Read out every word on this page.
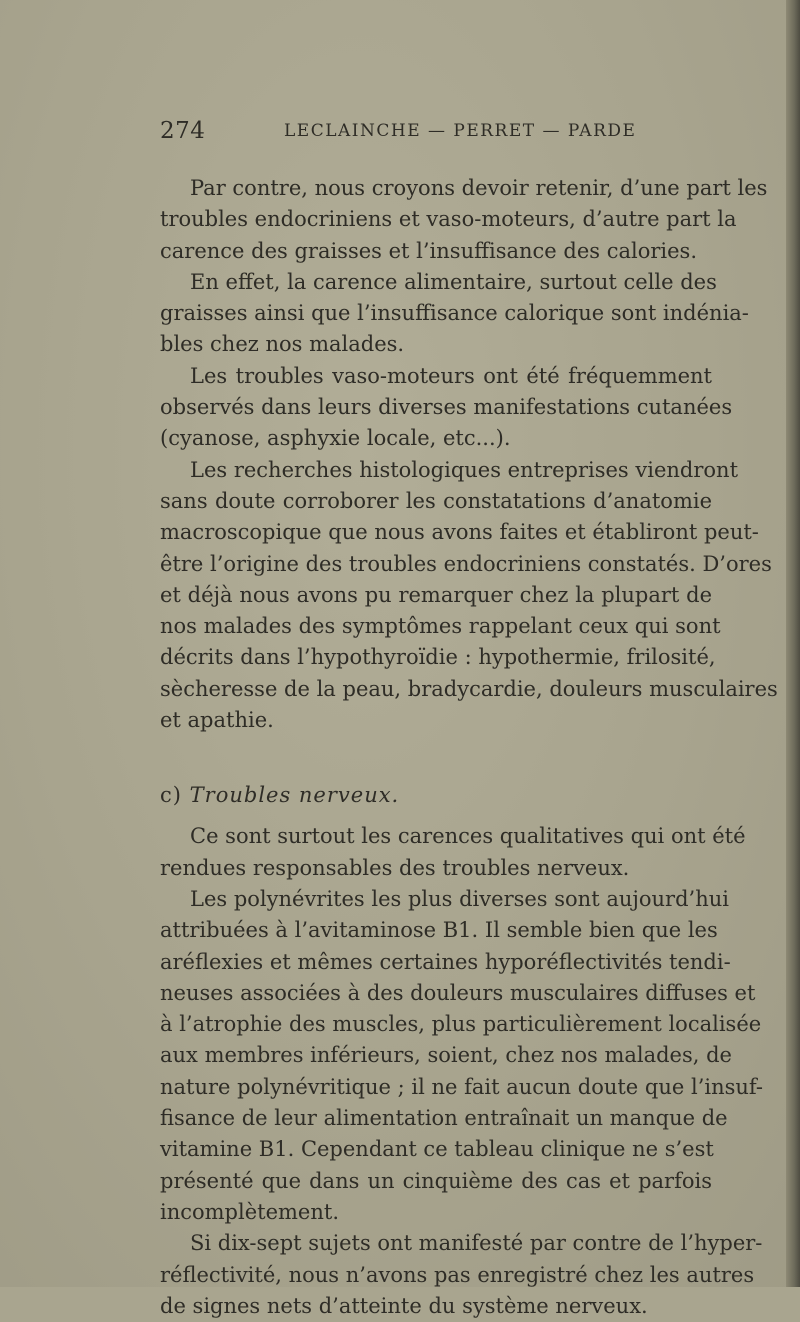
274	LECLAINCHE — PERRET — PARDE

Par contre, nous croyons devoir retenir, d’une part les
troubles endocriniens et vaso-moteurs, d’autre part la
carence des graisses et l’insuffisance des calories.

En effet, la carence alimentaire, surtout celle des
graisses ainsi que l’insuffisance calorique sont indénia-
bles chez nos malades.

Les troubles vaso-moteurs ont été fréquemment
observés dans leurs diverses manifestations cutanées
(cyanose, asphyxie locale, etc...).

Les recherches histologiques entreprises viendront
sans doute corroborer les constatations d’anatomie
macroscopique que nous avons faites et établiront peut-
être l’origine des troubles endocriniens constatés. D’ores
et déjà nous avons pu remarquer chez la plupart de
nos malades des symptômes rappelant ceux qui sont
décrits dans l’hypothyroïdie : hypothermie, frilosité,
sècheresse de la peau, bradycardie, douleurs musculaires
et apathie.

c) Troubles nerveux.

Ce sont surtout les carences qualitatives qui ont été
rendues responsables des troubles nerveux.

Les polynévrites les plus diverses sont aujourd’hui
attribuées à l’avitaminose B1. Il semble bien que les
aréflexies et mêmes certaines hyporéflectivités tendi-
neuses associées à des douleurs musculaires diffuses et
à l’atrophie des muscles, plus particulièrement localisée
aux membres inférieurs, soient, chez nos malades, de
nature polynévritique ; il ne fait aucun doute que l’insuf-
fisance de leur alimentation entraînait un manque de
vitamine B1. Cependant ce tableau clinique ne s’est
présenté que dans un cinquième des cas et parfois
incomplètement.

Si dix-sept sujets ont manifesté par contre de l’hyper-
réflectivité, nous n’avons pas enregistré chez les autres
de signes nets d’atteinte du système nerveux.
